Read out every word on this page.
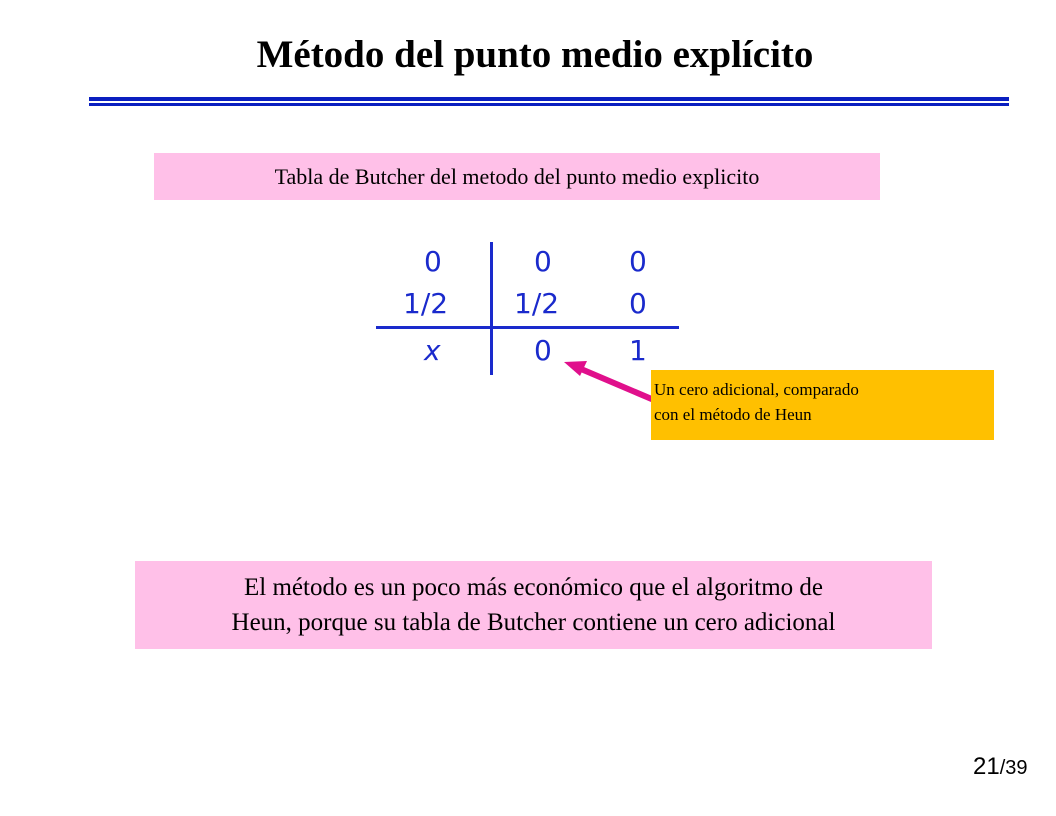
Método del punto medio explícito
Tabla de Butcher del metodo del punto medio explicito
0	0	0
1/2 1/2 0
x	0	1
Un cero adicional, comparado
con el método de Heun
El método es un poco más económico que el algoritmo de
Heun, porque su tabla de Butcher contiene un cero adicional
21/39
